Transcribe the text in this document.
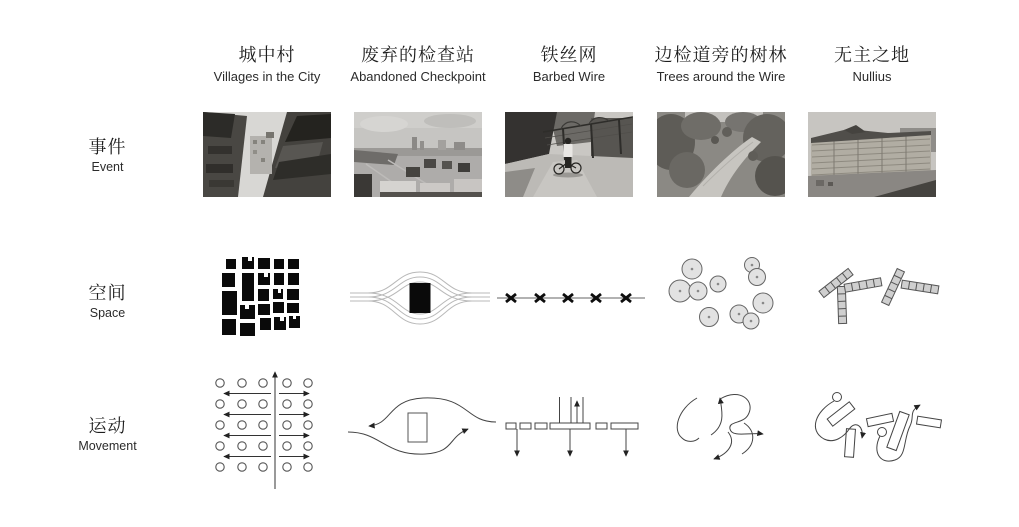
城中村
Villages in the City
废弃的检查站
Abandoned Checkpoint
铁丝网
Barbed Wire
边检道旁的树林
Trees around the Wire
无主之地
Nullius
事件
Event
空间
Space
运动
Movement
